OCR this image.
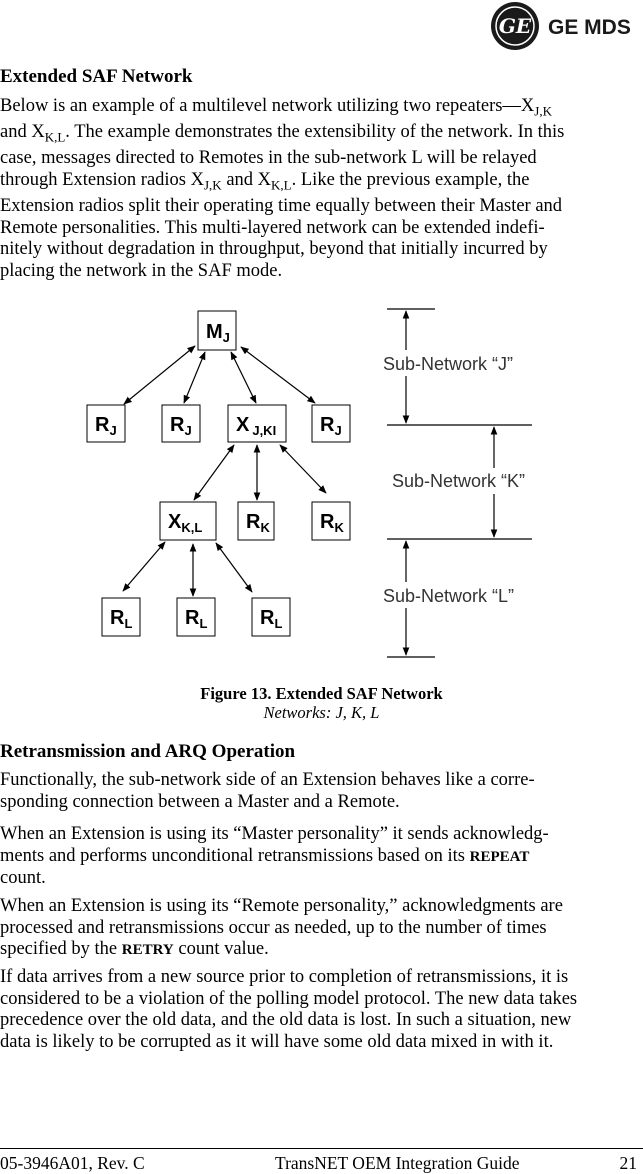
GE GE MDS
Extended SAF Network
Below is an example of a multilevel network utilizing two $repeaters—X_{J,K}$
and $X_{K,L}$. The example demonstrates the extensibility of the network. In this
case, messages directed to Remotes in the sub-network L will be relayed
through Extension radios $X_{J,K}$ and $X_{K,L}$. Like the previous example, the
Extension radios split their operating time equally between their Master and
Remote personalities. This multi-layered network can be extended indefi-
nitely without degradation in throughput, beyond that initially incurred by
placing the network in the SAF mode.
$M_J$
$R_J$	$R_J$ X $_{J,KI}$ $R_J$
$X_{K,L}$ $R_K$	$R_K$
$R_L$	$R_L$	$R_L$
Sub-Network “J”
Sub-Network “K”
Sub-Network “L”
Figure 13. Extended SAF Network
Networks: J, K, L
Retransmission and ARQ Operation
Functionally, the sub-network side of an Extension behaves like a corre-
sponding connection between a Master and a Remote.
When an Extension is using its “Master personality” it sends acknowledg-
ments and performs unconditional retransmissions based on its REPEAT
count.
When an Extension is using its “Remote personality,” acknowledgments are
processed and retransmissions occur as needed, up to the number of times
specified by the RETRY count value.
If data arrives from a new source prior to completion of retransmissions, it is
considered to be a violation of the polling model protocol. The new data takes
precedence over the old data, and the old data is lost. In such a situation, new
data is likely to be corrupted as it will have some old data mixed in with it.
05-3946A01, Rev. C	TransNET OEM Integration Guide	21
